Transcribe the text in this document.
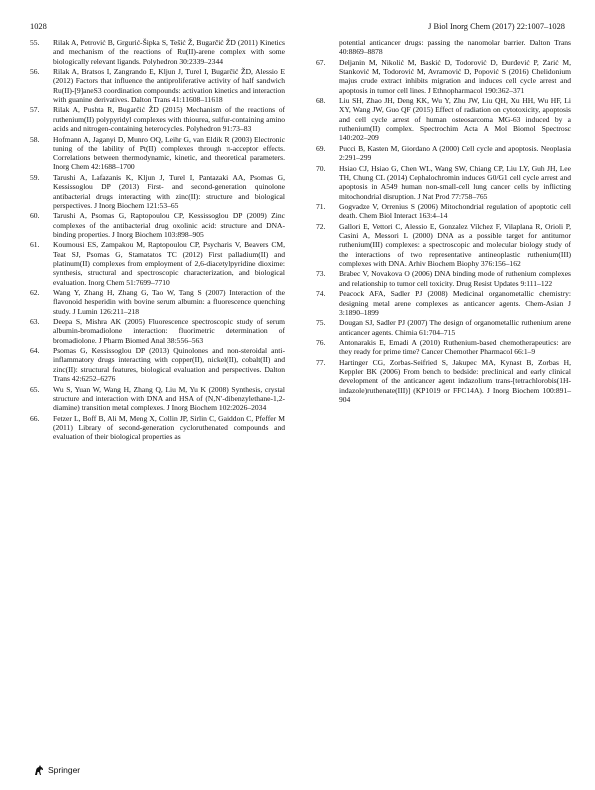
1028	J Biol Inorg Chem (2017) 22:1007–1028
55. Rilak A, Petrović B, Grgurić-Šipka S, Tešić Ž, Bugarčić ŽD (2011) Kinetics and mechanism of the reactions of Ru(II)-arene complex with some biologically relevant ligands. Polyhedron 30:2339–2344
56. Rilak A, Bratsos I, Zangrando E, Kljun J, Turel I, Bugarčić ŽD, Alessio E (2012) Factors that influence the antiproliferative activity of half sandwich Ru(II)-[9]aneS3 coordination compounds: activation kinetics and interaction with guanine derivatives. Dalton Trans 41:11608–11618
57. Rilak A, Pushta R, Bugarčić ŽD (2015) Mechanism of the reactions of ruthenium(II) polypyridyl complexes with thiourea, sulfur-containing amino acids and nitrogen-containing heterocycles. Polyhedron 91:73–83
58. Hofmann A, Jaganyi D, Munro OQ, Leihr G, van Eldik R (2003) Electronic tuning of the lability of Pt(II) complexes through π-acceptor effects. Correlations between thermodynamic, kinetic, and theoretical parameters. Inorg Chem 42:1688–1700
59. Tarushi A, Lafazanis K, Kljun J, Turel I, Pantazaki AA, Psomas G, Kessissoglou DP (2013) First- and second-generation quinolone antibacterial drugs interacting with zinc(II): structure and biological perspectives. J Inorg Biochem 121:53–65
60. Tarushi A, Psomas G, Raptopoulou CP, Kessissoglou DP (2009) Zinc complexes of the antibacterial drug oxolinic acid: structure and DNA-binding properties. J Inorg Biochem 103:898–905
61. Koumousi ES, Zampakou M, Raptopoulou CP, Psycharis V, Beavers CM, Teat SJ, Psomas G, Stamatatos TC (2012) First palladium(II) and platinum(II) complexes from employment of 2,6-diacetylpyridine dioxime: synthesis, structural and spectroscopic characterization, and biological evaluation. Inorg Chem 51:7699–7710
62. Wang Y, Zhang H, Zhang G, Tao W, Tang S (2007) Interaction of the flavonoid hesperidin with bovine serum albumin: a fluorescence quenching study. J Lumin 126:211–218
63. Deepa S, Mishra AK (2005) Fluorescence spectroscopic study of serum albumin-bromadiolone interaction: fluorimetric determination of bromadiolone. J Pharm Biomed Anal 38:556–563
64. Psomas G, Kessissoglou DP (2013) Quinolones and non-steroidal anti-inflammatory drugs interacting with copper(II), nickel(II), cobalt(II) and zinc(II): structural features, biological evaluation and perspectives. Dalton Trans 42:6252–6276
65. Wu S, Yuan W, Wang H, Zhang Q, Liu M, Yu K (2008) Synthesis, crystal structure and interaction with DNA and HSA of (N,N′-dibenzylethane-1,2-diamine) transition metal complexes. J Inorg Biochem 102:2026–2034
66. Fetzer L, Boff B, Ali M, Meng X, Collin JP, Sirlin C, Gaiddon C, Pfeffer M (2011) Library of second-generation cycloruthenated compounds and evaluation of their biological properties as
potential anticancer drugs: passing the nanomolar barrier. Dalton Trans 40:8869–8878
67. Deljanin M, Nikolić M, Baskić D, Todorović D, Đurđević P, Zarić M, Stanković M, Todorović M, Avramović D, Popović S (2016) Chelidonium majus crude extract inhibits migration and induces cell cycle arrest and apoptosis in tumor cell lines. J Ethnopharmacol 190:362–371
68. Liu SH, Zhao JH, Deng KK, Wu Y, Zhu JW, Liu QH, Xu HH, Wu HF, Li XY, Wang JW, Guo QF (2015) Effect of radiation on cytotoxicity, apoptosis and cell cycle arrest of human osteosarcoma MG-63 induced by a ruthenium(II) complex. Spectrochim Acta A Mol Biomol Spectrosc 140:202–209
69. Pucci B, Kasten M, Giordano A (2000) Cell cycle and apoptosis. Neoplasia 2:291–299
70. Hsiao CJ, Hsiao G, Chen WL, Wang SW, Chiang CP, Liu LY, Guh JH, Lee TH, Chung CL (2014) Cephalochromin induces G0/G1 cell cycle arrest and apoptosis in A549 human non-small-cell lung cancer cells by inflicting mitochondrial disruption. J Nat Prod 77:758–765
71. Gogvadze V, Orrenius S (2006) Mitochondrial regulation of apoptotic cell death. Chem Biol Interact 163:4–14
72. Gallori E, Vettori C, Alessio E, Gonzalez Vilchez F, Vilaplana R, Orioli P, Casini A, Messori L (2000) DNA as a possible target for antitumor ruthenium(III) complexes: a spectroscopic and molecular biology study of the interactions of two representative antineoplastic ruthenium(III) complexes with DNA. Arhiv Biochem Biophy 376:156–162
73. Brabec V, Novakova O (2006) DNA binding mode of ruthenium complexes and relationship to tumor cell toxicity. Drug Resist Updates 9:111–122
74. Peacock AFA, Sadler PJ (2008) Medicinal organometallic chemistry: designing metal arene complexes as anticancer agents. Chem-Asian J 3:1890–1899
75. Dougan SJ, Sadler PJ (2007) The design of organometallic ruthenium arene anticancer agents. Chimia 61:704–715
76. Antonarakis E, Emadi A (2010) Ruthenium-based chemotherapeutics: are they ready for prime time? Cancer Chemother Pharmacol 66:1–9
77. Hartinger CG, Zorbas-Seifried S, Jakupec MA, Kynast B, Zorbas H, Keppler BK (2006) From bench to bedside: preclinical and early clinical development of the anticancer agent indazolium trans-[tetrachlorobis(1H-indazole)ruthenate(III)] (KP1019 or FFC14A). J Inorg Biochem 100:891–904
Springer
